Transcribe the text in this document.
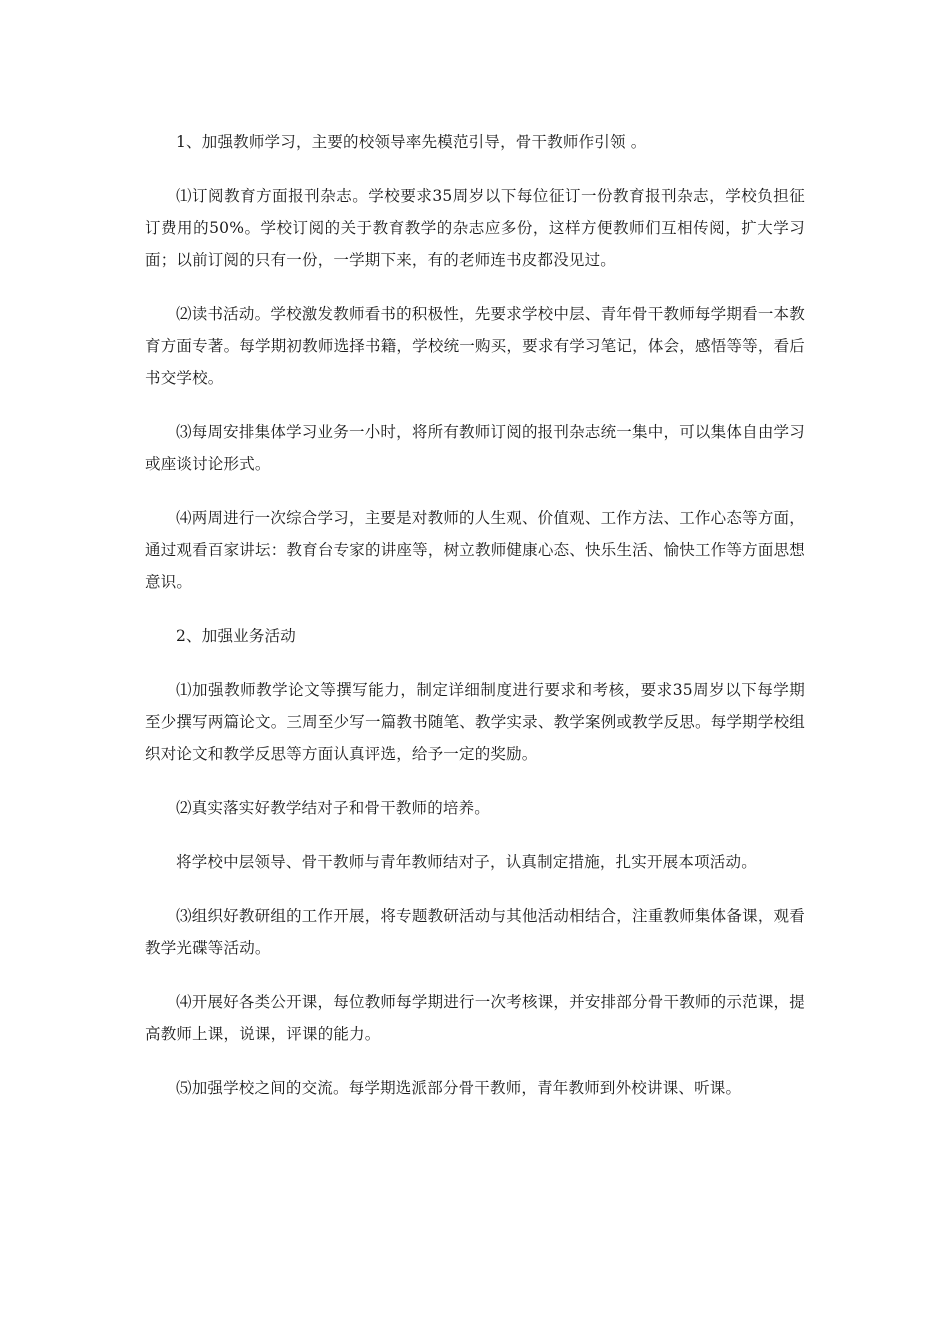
1、加强教师学习，主要的校领导率先模范引导，骨干教师作引领 。

⑴订阅教育方面报刊杂志。学校要求35周岁以下每位征订一份教育报刊杂志，学校负担征订费用的50%。学校订阅的关于教育教学的杂志应多份，这样方便教师们互相传阅，扩大学习面；以前订阅的只有一份，一学期下来，有的老师连书皮都没见过。

⑵读书活动。学校激发教师看书的积极性，先要求学校中层、青年骨干教师每学期看一本教育方面专著。每学期初教师选择书籍，学校统一购买，要求有学习笔记，体会，感悟等等，看后书交学校。

⑶每周安排集体学习业务一小时，将所有教师订阅的报刊杂志统一集中，可以集体自由学习或座谈讨论形式。

⑷两周进行一次综合学习，主要是对教师的人生观、价值观、工作方法、工作心态等方面，通过观看百家讲坛：教育台专家的讲座等，树立教师健康心态、快乐生活、愉快工作等方面思想意识。

2、加强业务活动

⑴加强教师教学论文等撰写能力，制定详细制度进行要求和考核，要求35周岁以下每学期至少撰写两篇论文。三周至少写一篇教书随笔、教学实录、教学案例或教学反思。每学期学校组织对论文和教学反思等方面认真评选，给予一定的奖励。

⑵真实落实好教学结对子和骨干教师的培养。

将学校中层领导、骨干教师与青年教师结对子，认真制定措施，扎实开展本项活动。

⑶组织好教研组的工作开展，将专题教研活动与其他活动相结合，注重教师集体备课，观看教学光碟等活动。

⑷开展好各类公开课，每位教师每学期进行一次考核课，并安排部分骨干教师的示范课，提高教师上课，说课，评课的能力。

⑸加强学校之间的交流。每学期选派部分骨干教师，青年教师到外校讲课、听课。
